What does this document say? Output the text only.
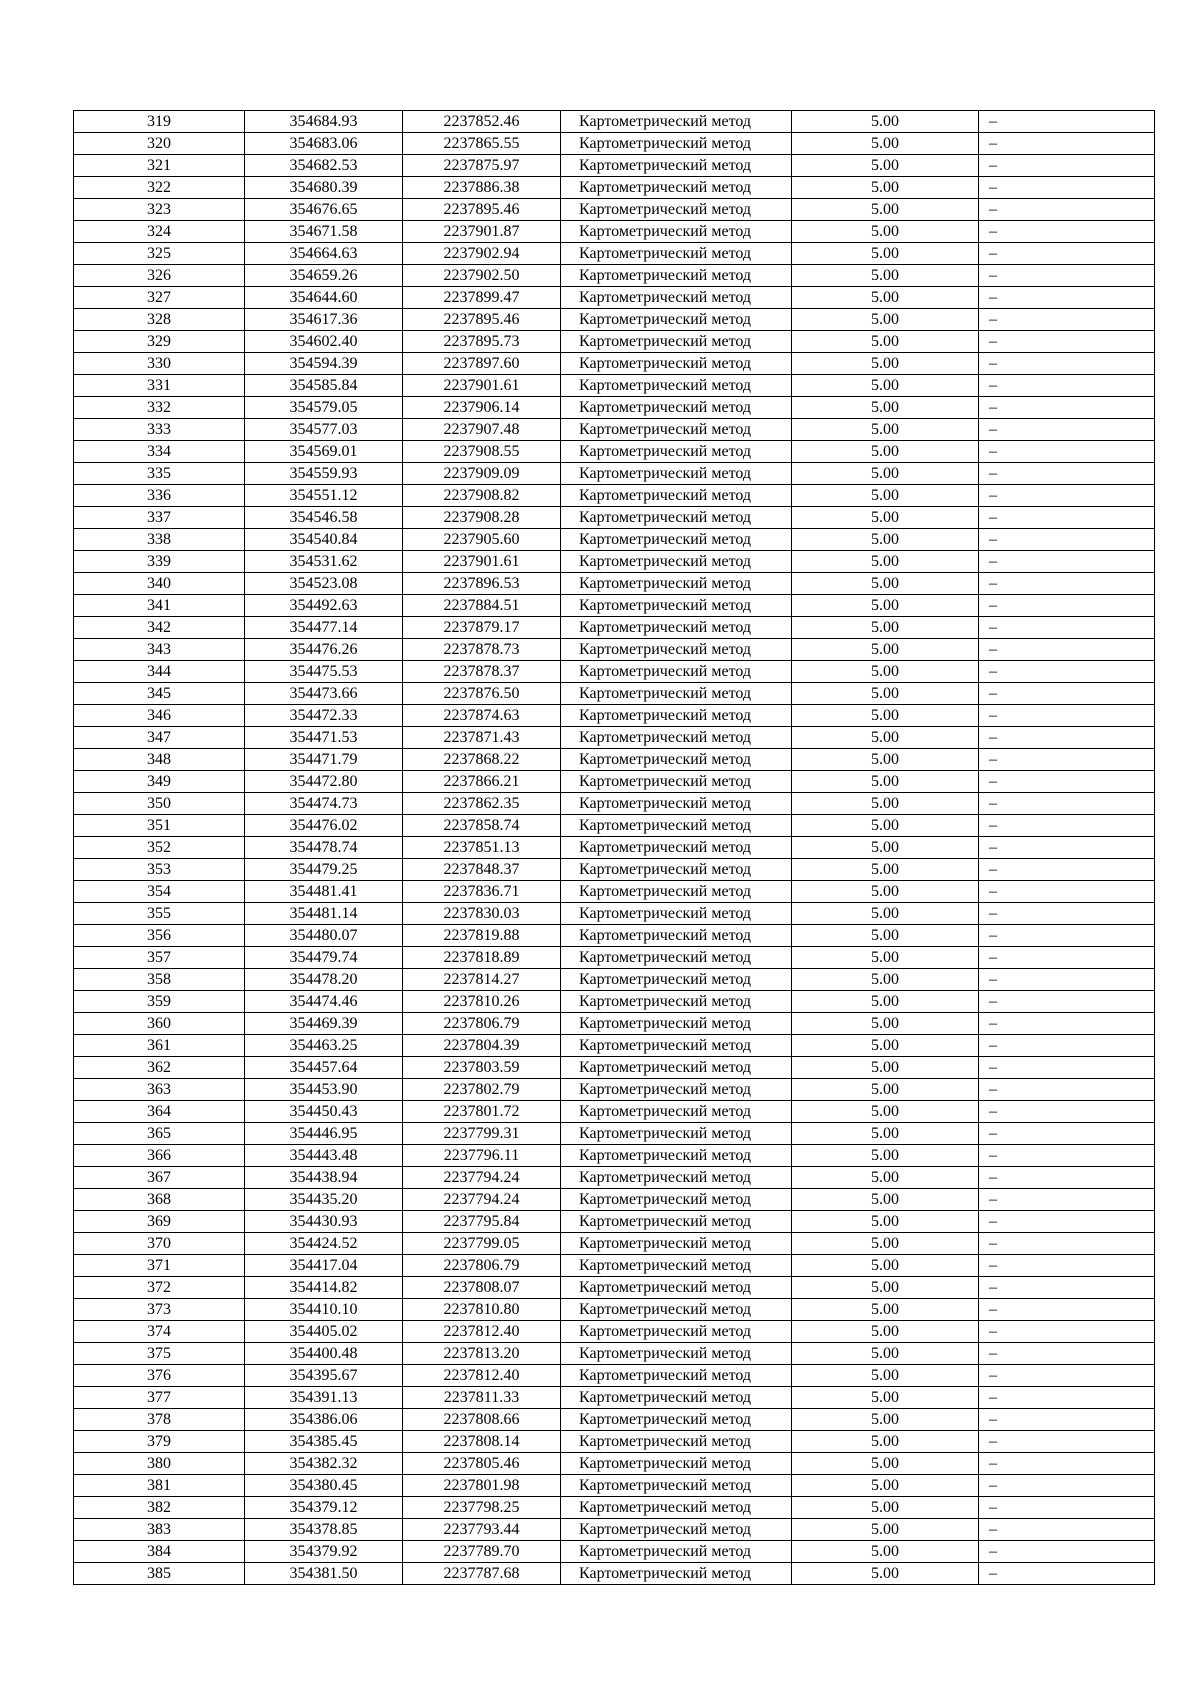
319	354684.93	2237852.46	Картометрический метод	5.00	–
320	354683.06	2237865.55	Картометрический метод	5.00	–
321	354682.53	2237875.97	Картометрический метод	5.00	–
322	354680.39	2237886.38	Картометрический метод	5.00	–
323	354676.65	2237895.46	Картометрический метод	5.00	–
324	354671.58	2237901.87	Картометрический метод	5.00	–
325	354664.63	2237902.94	Картометрический метод	5.00	–
326	354659.26	2237902.50	Картометрический метод	5.00	–
327	354644.60	2237899.47	Картометрический метод	5.00	–
328	354617.36	2237895.46	Картометрический метод	5.00	–
329	354602.40	2237895.73	Картометрический метод	5.00	–
330	354594.39	2237897.60	Картометрический метод	5.00	–
331	354585.84	2237901.61	Картометрический метод	5.00	–
332	354579.05	2237906.14	Картометрический метод	5.00	–
333	354577.03	2237907.48	Картометрический метод	5.00	–
334	354569.01	2237908.55	Картометрический метод	5.00	–
335	354559.93	2237909.09	Картометрический метод	5.00	–
336	354551.12	2237908.82	Картометрический метод	5.00	–
337	354546.58	2237908.28	Картометрический метод	5.00	–
338	354540.84	2237905.60	Картометрический метод	5.00	–
339	354531.62	2237901.61	Картометрический метод	5.00	–
340	354523.08	2237896.53	Картометрический метод	5.00	–
341	354492.63	2237884.51	Картометрический метод	5.00	–
342	354477.14	2237879.17	Картометрический метод	5.00	–
343	354476.26	2237878.73	Картометрический метод	5.00	–
344	354475.53	2237878.37	Картометрический метод	5.00	–
345	354473.66	2237876.50	Картометрический метод	5.00	–
346	354472.33	2237874.63	Картометрический метод	5.00	–
347	354471.53	2237871.43	Картометрический метод	5.00	–
348	354471.79	2237868.22	Картометрический метод	5.00	–
349	354472.80	2237866.21	Картометрический метод	5.00	–
350	354474.73	2237862.35	Картометрический метод	5.00	–
351	354476.02	2237858.74	Картометрический метод	5.00	–
352	354478.74	2237851.13	Картометрический метод	5.00	–
353	354479.25	2237848.37	Картометрический метод	5.00	–
354	354481.41	2237836.71	Картометрический метод	5.00	–
355	354481.14	2237830.03	Картометрический метод	5.00	–
356	354480.07	2237819.88	Картометрический метод	5.00	–
357	354479.74	2237818.89	Картометрический метод	5.00	–
358	354478.20	2237814.27	Картометрический метод	5.00	–
359	354474.46	2237810.26	Картометрический метод	5.00	–
360	354469.39	2237806.79	Картометрический метод	5.00	–
361	354463.25	2237804.39	Картометрический метод	5.00	–
362	354457.64	2237803.59	Картометрический метод	5.00	–
363	354453.90	2237802.79	Картометрический метод	5.00	–
364	354450.43	2237801.72	Картометрический метод	5.00	–
365	354446.95	2237799.31	Картометрический метод	5.00	–
366	354443.48	2237796.11	Картометрический метод	5.00	–
367	354438.94	2237794.24	Картометрический метод	5.00	–
368	354435.20	2237794.24	Картометрический метод	5.00	–
369	354430.93	2237795.84	Картометрический метод	5.00	–
370	354424.52	2237799.05	Картометрический метод	5.00	–
371	354417.04	2237806.79	Картометрический метод	5.00	–
372	354414.82	2237808.07	Картометрический метод	5.00	–
373	354410.10	2237810.80	Картометрический метод	5.00	–
374	354405.02	2237812.40	Картометрический метод	5.00	–
375	354400.48	2237813.20	Картометрический метод	5.00	–
376	354395.67	2237812.40	Картометрический метод	5.00	–
377	354391.13	2237811.33	Картометрический метод	5.00	–
378	354386.06	2237808.66	Картометрический метод	5.00	–
379	354385.45	2237808.14	Картометрический метод	5.00	–
380	354382.32	2237805.46	Картометрический метод	5.00	–
381	354380.45	2237801.98	Картометрический метод	5.00	–
382	354379.12	2237798.25	Картометрический метод	5.00	–
383	354378.85	2237793.44	Картометрический метод	5.00	–
384	354379.92	2237789.70	Картометрический метод	5.00	–
385	354381.50	2237787.68	Картометрический метод	5.00	–
